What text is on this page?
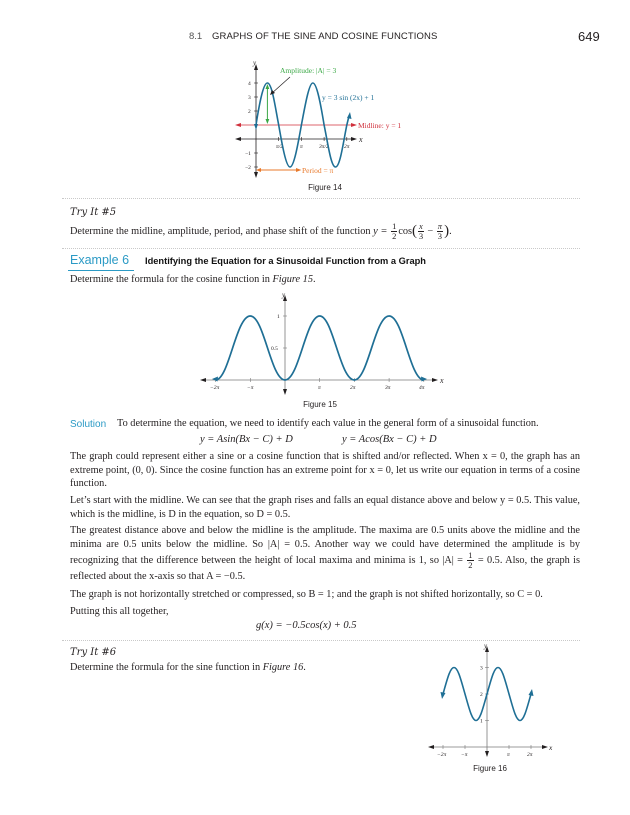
8.1 GRAPHS OF THE SINE AND COSINE FUNCTIONS	649
x
y
4
3
2
−1
−2
π/2	π	3π/2	2π
Midline: y = 1
y = 3 sin (2x) + 1
Amplitude: |A| = 3
Period = π
Figure 14
Try It #5
Determine the midline, amplitude, period, and phase shift of the function $y = \frac{1}{2} \cos( \frac{x}{3} - \frac{\pi}{3}$ ).
Example 6 Identifying the Equation for a Sinusoidal Function from a Graph
Determine the formula for the cosine function in Figure 15.
x
y
1
0.5
−2π	−π	π	2π	3π	4π
Figure 15
Solution To determine the equation, we need to identify each value in the general form of a sinusoidal function.
y = Asin(Bx − C) + D	y = Acos(Bx − C) + D
The graph could represent either a sine or a cosine function that is shifted and/or reflected. When x = 0, the graph has an extreme point, (0, 0). Since the cosine function has an extreme point for x = 0, let us write our equation in terms of a cosine function.
Let’s start with the midline. We can see that the graph rises and falls an equal distance above and below y = 0.5. This value, which is the midline, is D in the equation, so D = 0.5.
The greatest distance above and below the midline is the amplitude. The maxima are 0.5 units above the midline and the minima are 0.5 units below the midline. So |A| = 0.5. Another way we could have determined the amplitude is by recognizing that the difference between the height of local maxima and minima is 1, so $|A| = \frac{1}{2} = 0.5$. Also, the graph is reflected about the x-axis so that A = −0.5.
The graph is not horizontally stretched or compressed, so B = 1; and the graph is not shifted horizontally, so C = 0.
Putting this all together,
g(x) = −0.5cos(x) + 0.5
Try It #6
Determine the formula for the sine function in Figure 16.
x
y
3
2
1
−2π	−π	π	2π
Figure 16
